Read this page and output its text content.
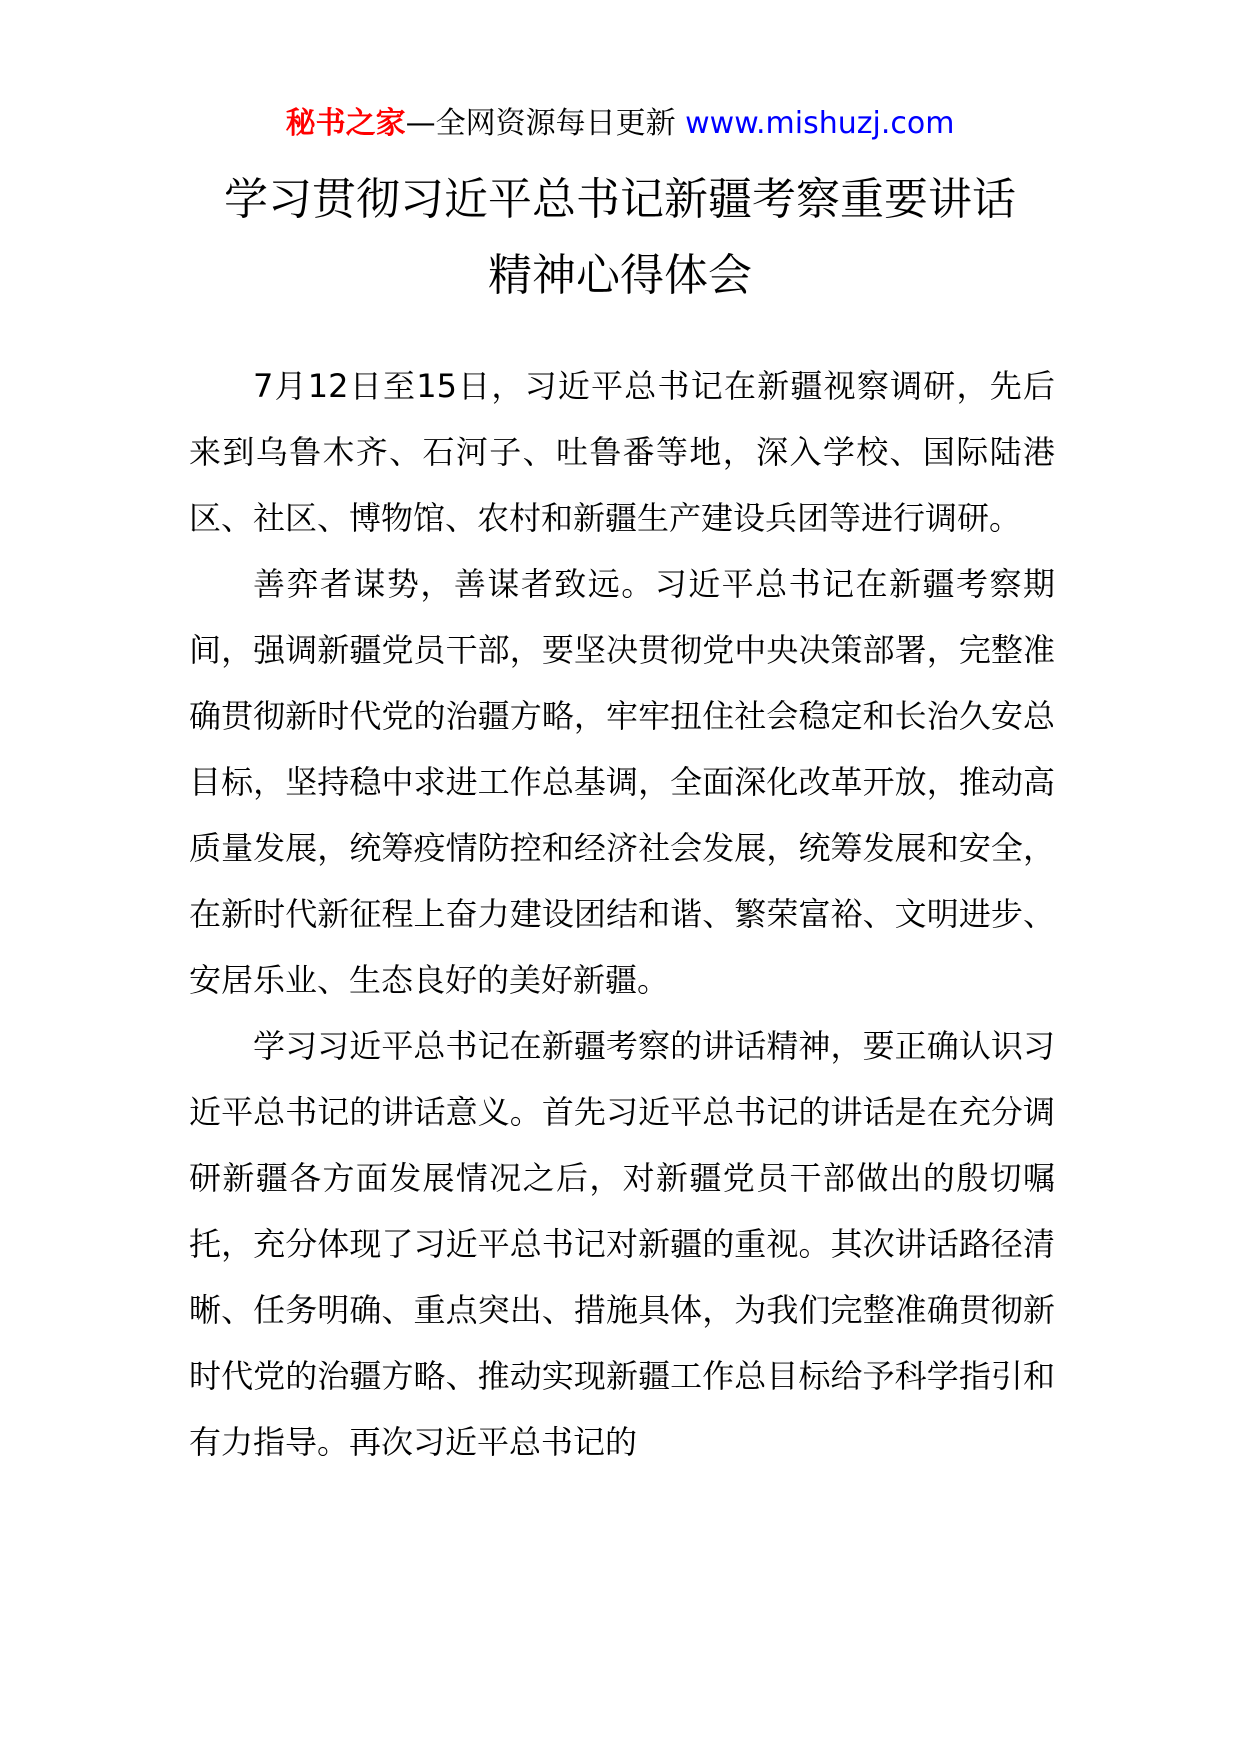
秘书之家—全网资源每日更新 www.mishuzj.com
学习贯彻习近平总书记新疆考察重要讲话
精神心得体会

7月12日至15日，习近平总书记在新疆视察调研，先后来到乌鲁木齐、石河子、吐鲁番等地，深入学校、国际陆港区、社区、博物馆、农村和新疆生产建设兵团等进行调研。

善弈者谋势，善谋者致远。习近平总书记在新疆考察期间，强调新疆党员干部，要坚决贯彻党中央决策部署，完整准确贯彻新时代党的治疆方略，牢牢扭住社会稳定和长治久安总目标，坚持稳中求进工作总基调，全面深化改革开放，推动高质量发展，统筹疫情防控和经济社会发展，统筹发展和安全，在新时代新征程上奋力建设团结和谐、繁荣富裕、文明进步、安居乐业、生态良好的美好新疆。

学习习近平总书记在新疆考察的讲话精神，要正确认识习近平总书记的讲话意义。首先习近平总书记的讲话是在充分调研新疆各方面发展情况之后，对新疆党员干部做出的殷切嘱托，充分体现了习近平总书记对新疆的重视。其次讲话路径清晰、任务明确、重点突出、措施具体，为我们完整准确贯彻新时代党的治疆方略、推动实现新疆工作总目标给予科学指引和有力指导。再次习近平总书记的
